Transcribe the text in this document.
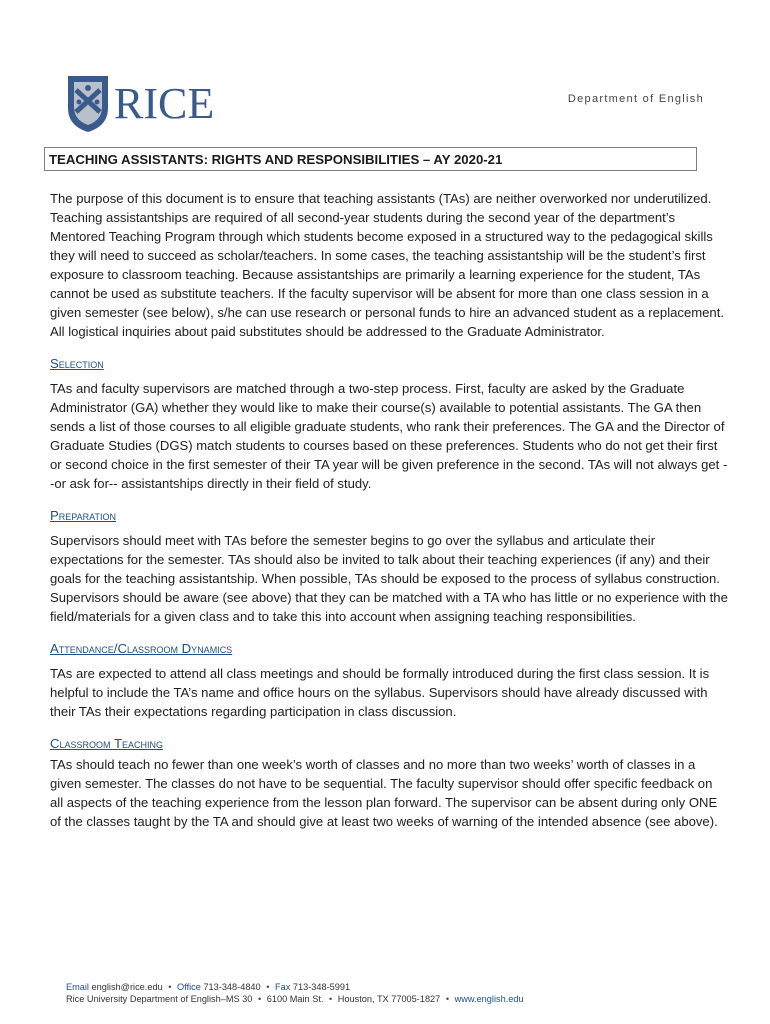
RICE	Department of English
TEACHING ASSISTANTS: RIGHTS AND RESPONSIBILITIES – AY 2020-21

The purpose of this document is to ensure that teaching assistants (TAs) are neither overworked nor underutilized. Teaching assistantships are required of all second-year students during the second year of the department’s Mentored Teaching Program through which students become exposed in a structured way to the pedagogical skills they will need to succeed as scholar/teachers. In some cases, the teaching assistantship will be the student’s first exposure to classroom teaching. Because assistantships are primarily a learning experience for the student, TAs cannot be used as substitute teachers. If the faculty supervisor will be absent for more than one class session in a given semester (see below), s/he can use research or personal funds to hire an advanced student as a replacement. All logistical inquiries about paid substitutes should be addressed to the Graduate Administrator.

Selection

TAs and faculty supervisors are matched through a two-step process. First, faculty are asked by the Graduate Administrator (GA) whether they would like to make their course(s) available to potential assistants. The GA then sends a list of those courses to all eligible graduate students, who rank their preferences. The GA and the Director of Graduate Studies (DGS) match students to courses based on these preferences. Students who do not get their first or second choice in the first semester of their TA year will be given preference in the second. TAs will not always get --or ask for-- assistantships directly in their field of study.

Preparation

Supervisors should meet with TAs before the semester begins to go over the syllabus and articulate their expectations for the semester. TAs should also be invited to talk about their teaching experiences (if any) and their goals for the teaching assistantship. When possible, TAs should be exposed to the process of syllabus construction. Supervisors should be aware (see above) that they can be matched with a TA who has little or no experience with the field/materials for a given class and to take this into account when assigning teaching responsibilities.

Attendance/Classroom Dynamics

TAs are expected to attend all class meetings and should be formally introduced during the first class session. It is helpful to include the TA’s name and office hours on the syllabus. Supervisors should have already discussed with their TAs their expectations regarding participation in class discussion.

Classroom Teaching

TAs should teach no fewer than one week’s worth of classes and no more than two weeks’ worth of classes in a given semester. The classes do not have to be sequential. The faculty supervisor should offer specific feedback on all aspects of the teaching experience from the lesson plan forward. The supervisor can be absent during only ONE of the classes taught by the TA and should give at least two weeks of warning of the intended absence (see above).

Email english@rice.edu • Office 713-348-4840 • Fax 713-348-5991
Rice University Department of English–MS 30 • 6100 Main St. • Houston, TX 77005-1827 • www.english.edu
